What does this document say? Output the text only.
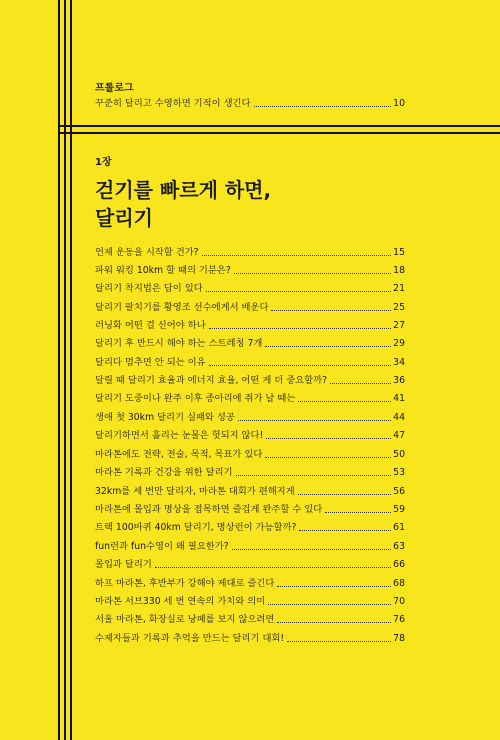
프롤로그
꾸준히 달리고 수영하면 기적이 생긴다	10
1장
걷기를 빠르게 하면,
달리기
언제 운동을 시작할 건가?	15
파워 워킹 10km 할 때의 기분은?	18
달리기 착지법은 답이 있다	21
달리기 팔치기를 황영조 선수에게서 배운다	25
러닝화 어떤 걸 신어야 하나	27
달리기 후 반드시 해야 하는 스트레칭 7개	29
달리다 멈추면 안 되는 이유	34
달릴 때 달리기 효율과 에너지 효율, 어떤 게 더 중요할까?	36
달리기 도중이나 완주 이후 종아리에 쥐가 날 때는	41
생애 첫 30km 달리기 실패와 성공	44
달리기하면서 흘리는 눈물은 헛되지 않다!	47
마라톤에도 전략, 전술, 목적, 목표가 있다	50
마라톤 기록과 건강을 위한 달리기	53
32km를 세 번만 달리자, 마라톤 대회가 편해지게	56
마라톤에 몰입과 명상을 접목하면 즐겁게 완주할 수 있다	59
트랙 100바퀴 40km 달리기, 명상런이 가능할까?	61
fun런과 fun수영이 왜 필요한가?	63
몰입과 달리기	66
하프 마라톤, 후반부가 강해야 제대로 즐긴다	68
마라톤 서브330 세 번 연속의 가치와 의미	70
서울 마라톤, 화장실로 낭패를 보지 않으려면	76
수제자들과 기록과 추억을 만드는 달리기 대회!	78
